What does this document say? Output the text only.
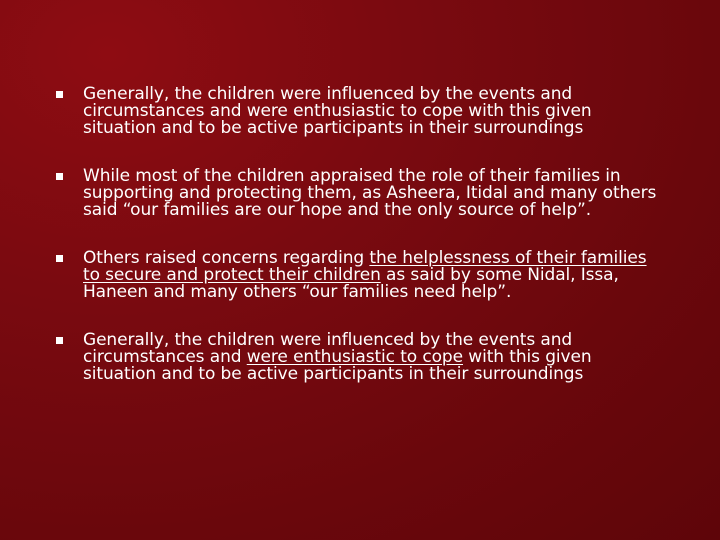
Generally, the children were influenced by the events and
circumstances and were enthusiastic to cope with this given
situation and to be active participants in their surroundings
While most of the children appraised the role of their families in
supporting and protecting them, as Asheera, Itidal and many others
said “our families are our hope and the only source of help”.
Others raised concerns regarding the helplessness of their families
to secure and protect their children as said by some Nidal, Issa,
Haneen and many others “our families need help”.
Generally, the children were influenced by the events and
circumstances and were enthusiastic to cope with this given
situation and to be active participants in their surroundings
